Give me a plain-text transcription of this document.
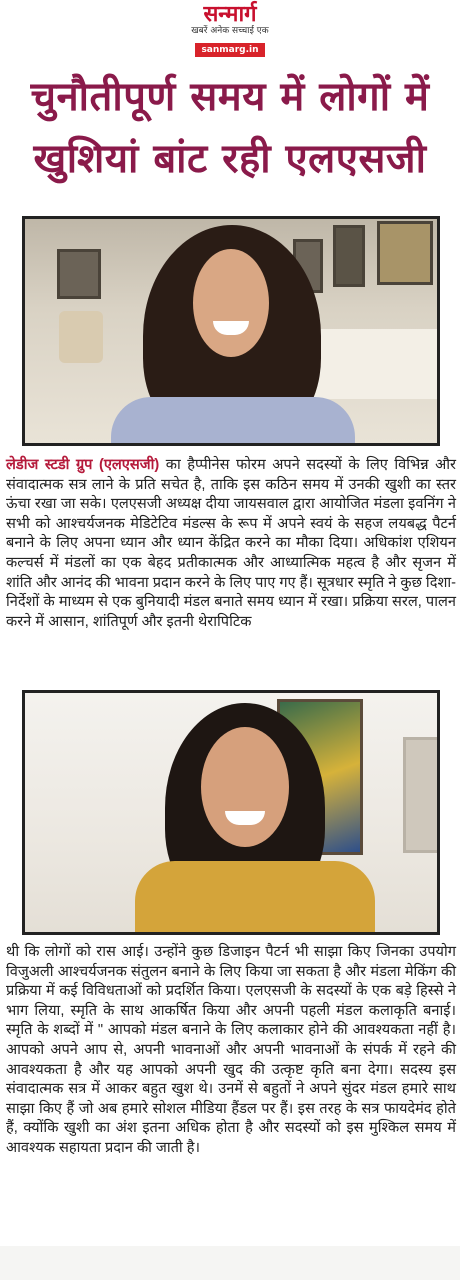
सन्मार्ग
खबरें अनेक सच्चाई एक
sanmarg.in
चुनौतीपूर्ण समय में लोगों में
खुशियां बांट रही एलएसजी

लेडीज स्टडी ग्रुप (एलएसजी) का हैप्पीनेस फोरम अपने सदस्यों के लिए विभिन्न और संवादात्मक सत्र लाने के प्रति सचेत है, ताकि इस कठिन समय में उनकी खुशी का स्तर ऊंचा रखा जा सके। एलएसजी अध्यक्ष दीया जायसवाल द्वारा आयोजित मंडला इवनिंग ने सभी को आश्चर्यजनक मेडिटेटिव मंडल्स के रूप में अपने स्वयं के सहज लयबद्ध पैटर्न बनाने के लिए अपना ध्यान और ध्यान केंद्रित करने का मौका दिया। अधिकांश एशियन कल्चर्स में मंडलों का एक बेहद प्रतीकात्मक और आध्यात्मिक महत्व है और सृजन में शांति और आनंद की भावना प्रदान करने के लिए पाए गए हैं। सूत्रधार स्मृति ने कुछ दिशा-निर्देशों के माध्यम से एक बुनियादी मंडल बनाते समय ध्यान में रखा। प्रक्रिया सरल, पालन करने में आसान, शांतिपूर्ण और इतनी थेरापिटिक

थी कि लोगों को रास आई। उन्होंने कुछ डिजाइन पैटर्न भी साझा किए जिनका उपयोग विजुअली आश्चर्यजनक संतुलन बनाने के लिए किया जा सकता है और मंडला मेकिंग की प्रक्रिया में कई विविधताओं को प्रदर्शित किया। एलएसजी के सदस्यों के एक बड़े हिस्से ने भाग लिया, स्मृति के साथ आकर्षित किया और अपनी पहली मंडल कलाकृति बनाई। स्मृति के शब्दों में " आपको मंडल बनाने के लिए कलाकार होने की आवश्यकता नहीं है। आपको अपने आप से, अपनी भावनाओं और अपनी भावनाओं के संपर्क में रहने की आवश्यकता है और यह आपको अपनी खुद की उत्कृष्ट कृति बना देगा। सदस्य इस संवादात्मक सत्र में आकर बहुत खुश थे। उनमें से बहुतों ने अपने सुंदर मंडल हमारे साथ साझा किए हैं जो अब हमारे सोशल मीडिया हैंडल पर हैं। इस तरह के सत्र फायदेमंद होते हैं, क्योंकि खुशी का अंश इतना अधिक होता है और सदस्यों को इस मुश्किल समय में आवश्यक सहायता प्रदान की जाती है।
